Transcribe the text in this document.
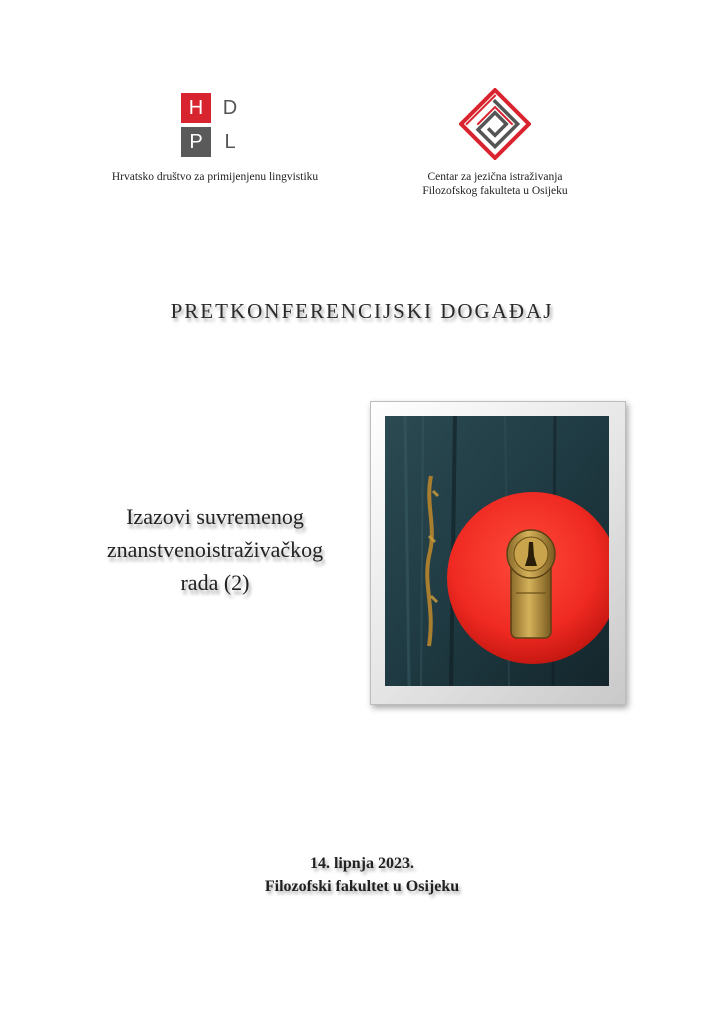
H D
P	L
Hrvatsko društvo za primijenjenu lingvistiku	Centar za jezična istraživanja
Filozofskog fakulteta u Osijeku
PRETKONFERENCIJSKI DOGAĐAJ
Izazovi suvremenog
znanstvenoistraživačkog
rada (2)
14. lipnja 2023.
Filozofski fakultet u Osijeku
